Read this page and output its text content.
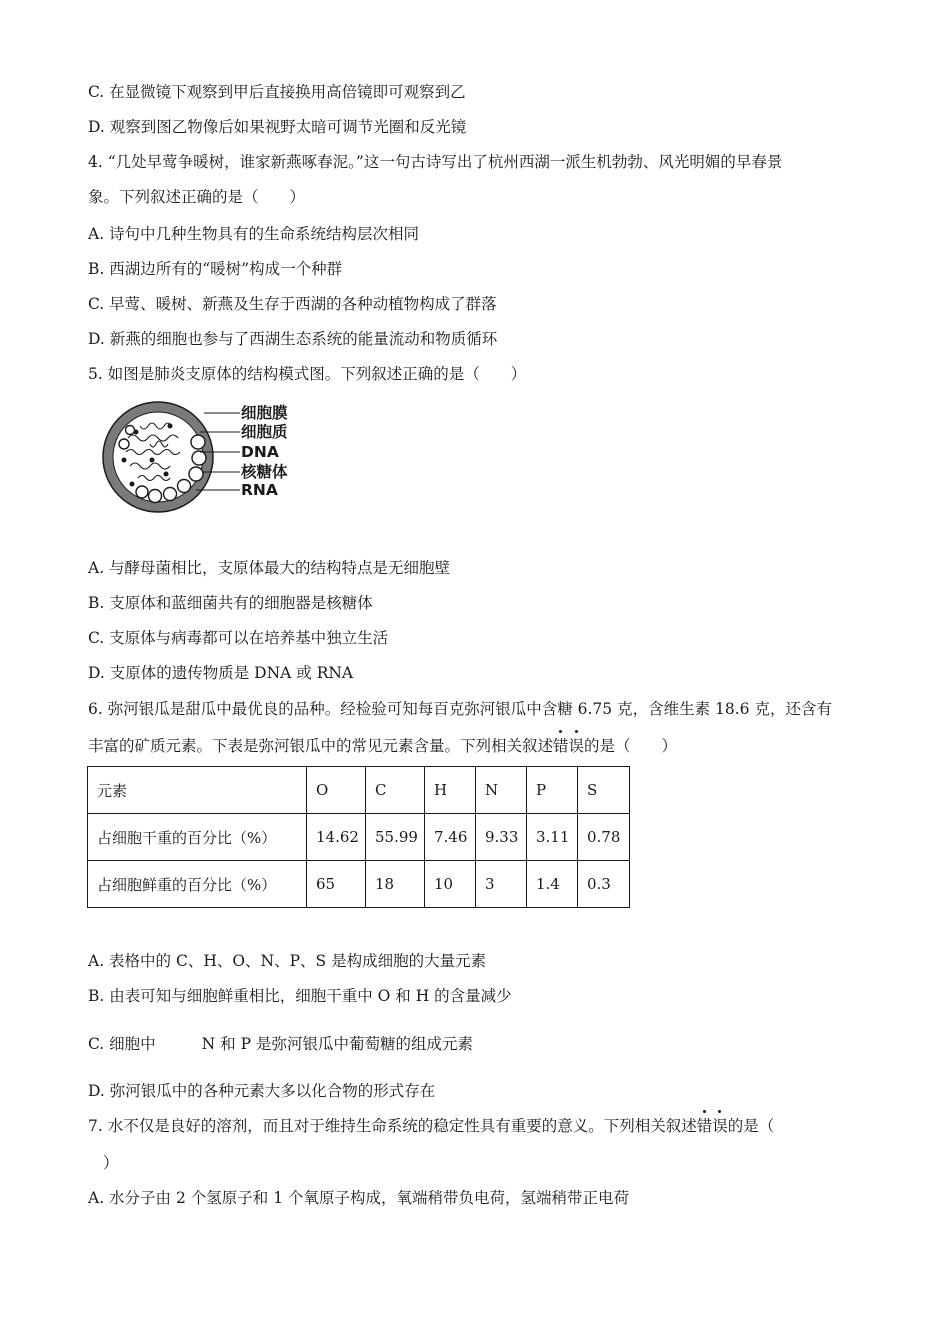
C. 在显微镜下观察到甲后直接换用高倍镜即可观察到乙
D. 观察到图乙物像后如果视野太暗可调节光圈和反光镜
4. “几处早莺争暖树，谁家新燕啄春泥。”这一句古诗写出了杭州西湖一派生机勃勃、风光明媚的早春景
象。下列叙述正确的是（　　）
A. 诗句中几种生物具有的生命系统结构层次相同
B. 西湖边所有的“暖树”构成一个种群
C. 早莺、暖树、新燕及生存于西湖的各种动植物构成了群落
D. 新燕的细胞也参与了西湖生态系统的能量流动和物质循环
5. 如图是肺炎支原体的结构模式图。下列叙述正确的是（　　）
细胞膜
细胞质
DNA
核糖体
RNA
A. 与酵母菌相比，支原体最大的结构特点是无细胞壁
B. 支原体和蓝细菌共有的细胞器是核糖体
C. 支原体与病毒都可以在培养基中独立生活
D. 支原体的遗传物质是 DNA 或 RNA
6. 弥河银瓜是甜瓜中最优良的品种。经检验可知每百克弥河银瓜中含糖 6.75 克，含维生素 18.6 克，还含有
丰富的矿质元素。下表是弥河银瓜中的常见元素含量。下列相关叙述错误的是（　　）
元素	O	C	H	N	P	S
占细胞干重的百分比（%）	14.62	55.99	7.46	9.33	3.11	0.78
占细胞鲜重的百分比（%）	65	18	10	3	1.4	0.3
A. 表格中的 C、H、O、N、P、S 是构成细胞的大量元素
B. 由表可知与细胞鲜重相比，细胞干重中 O 和 H 的含量减少
C. 细胞中	N 和 P 是弥河银瓜中葡萄糖的组成元素
D. 弥河银瓜中的各种元素大多以化合物的形式存在
7. 水不仅是良好的溶剂，而且对于维持生命系统的稳定性具有重要的意义。下列相关叙述错误的是（
）
A. 水分子由 2 个氢原子和 1 个氧原子构成，氧端稍带负电荷，氢端稍带正电荷
